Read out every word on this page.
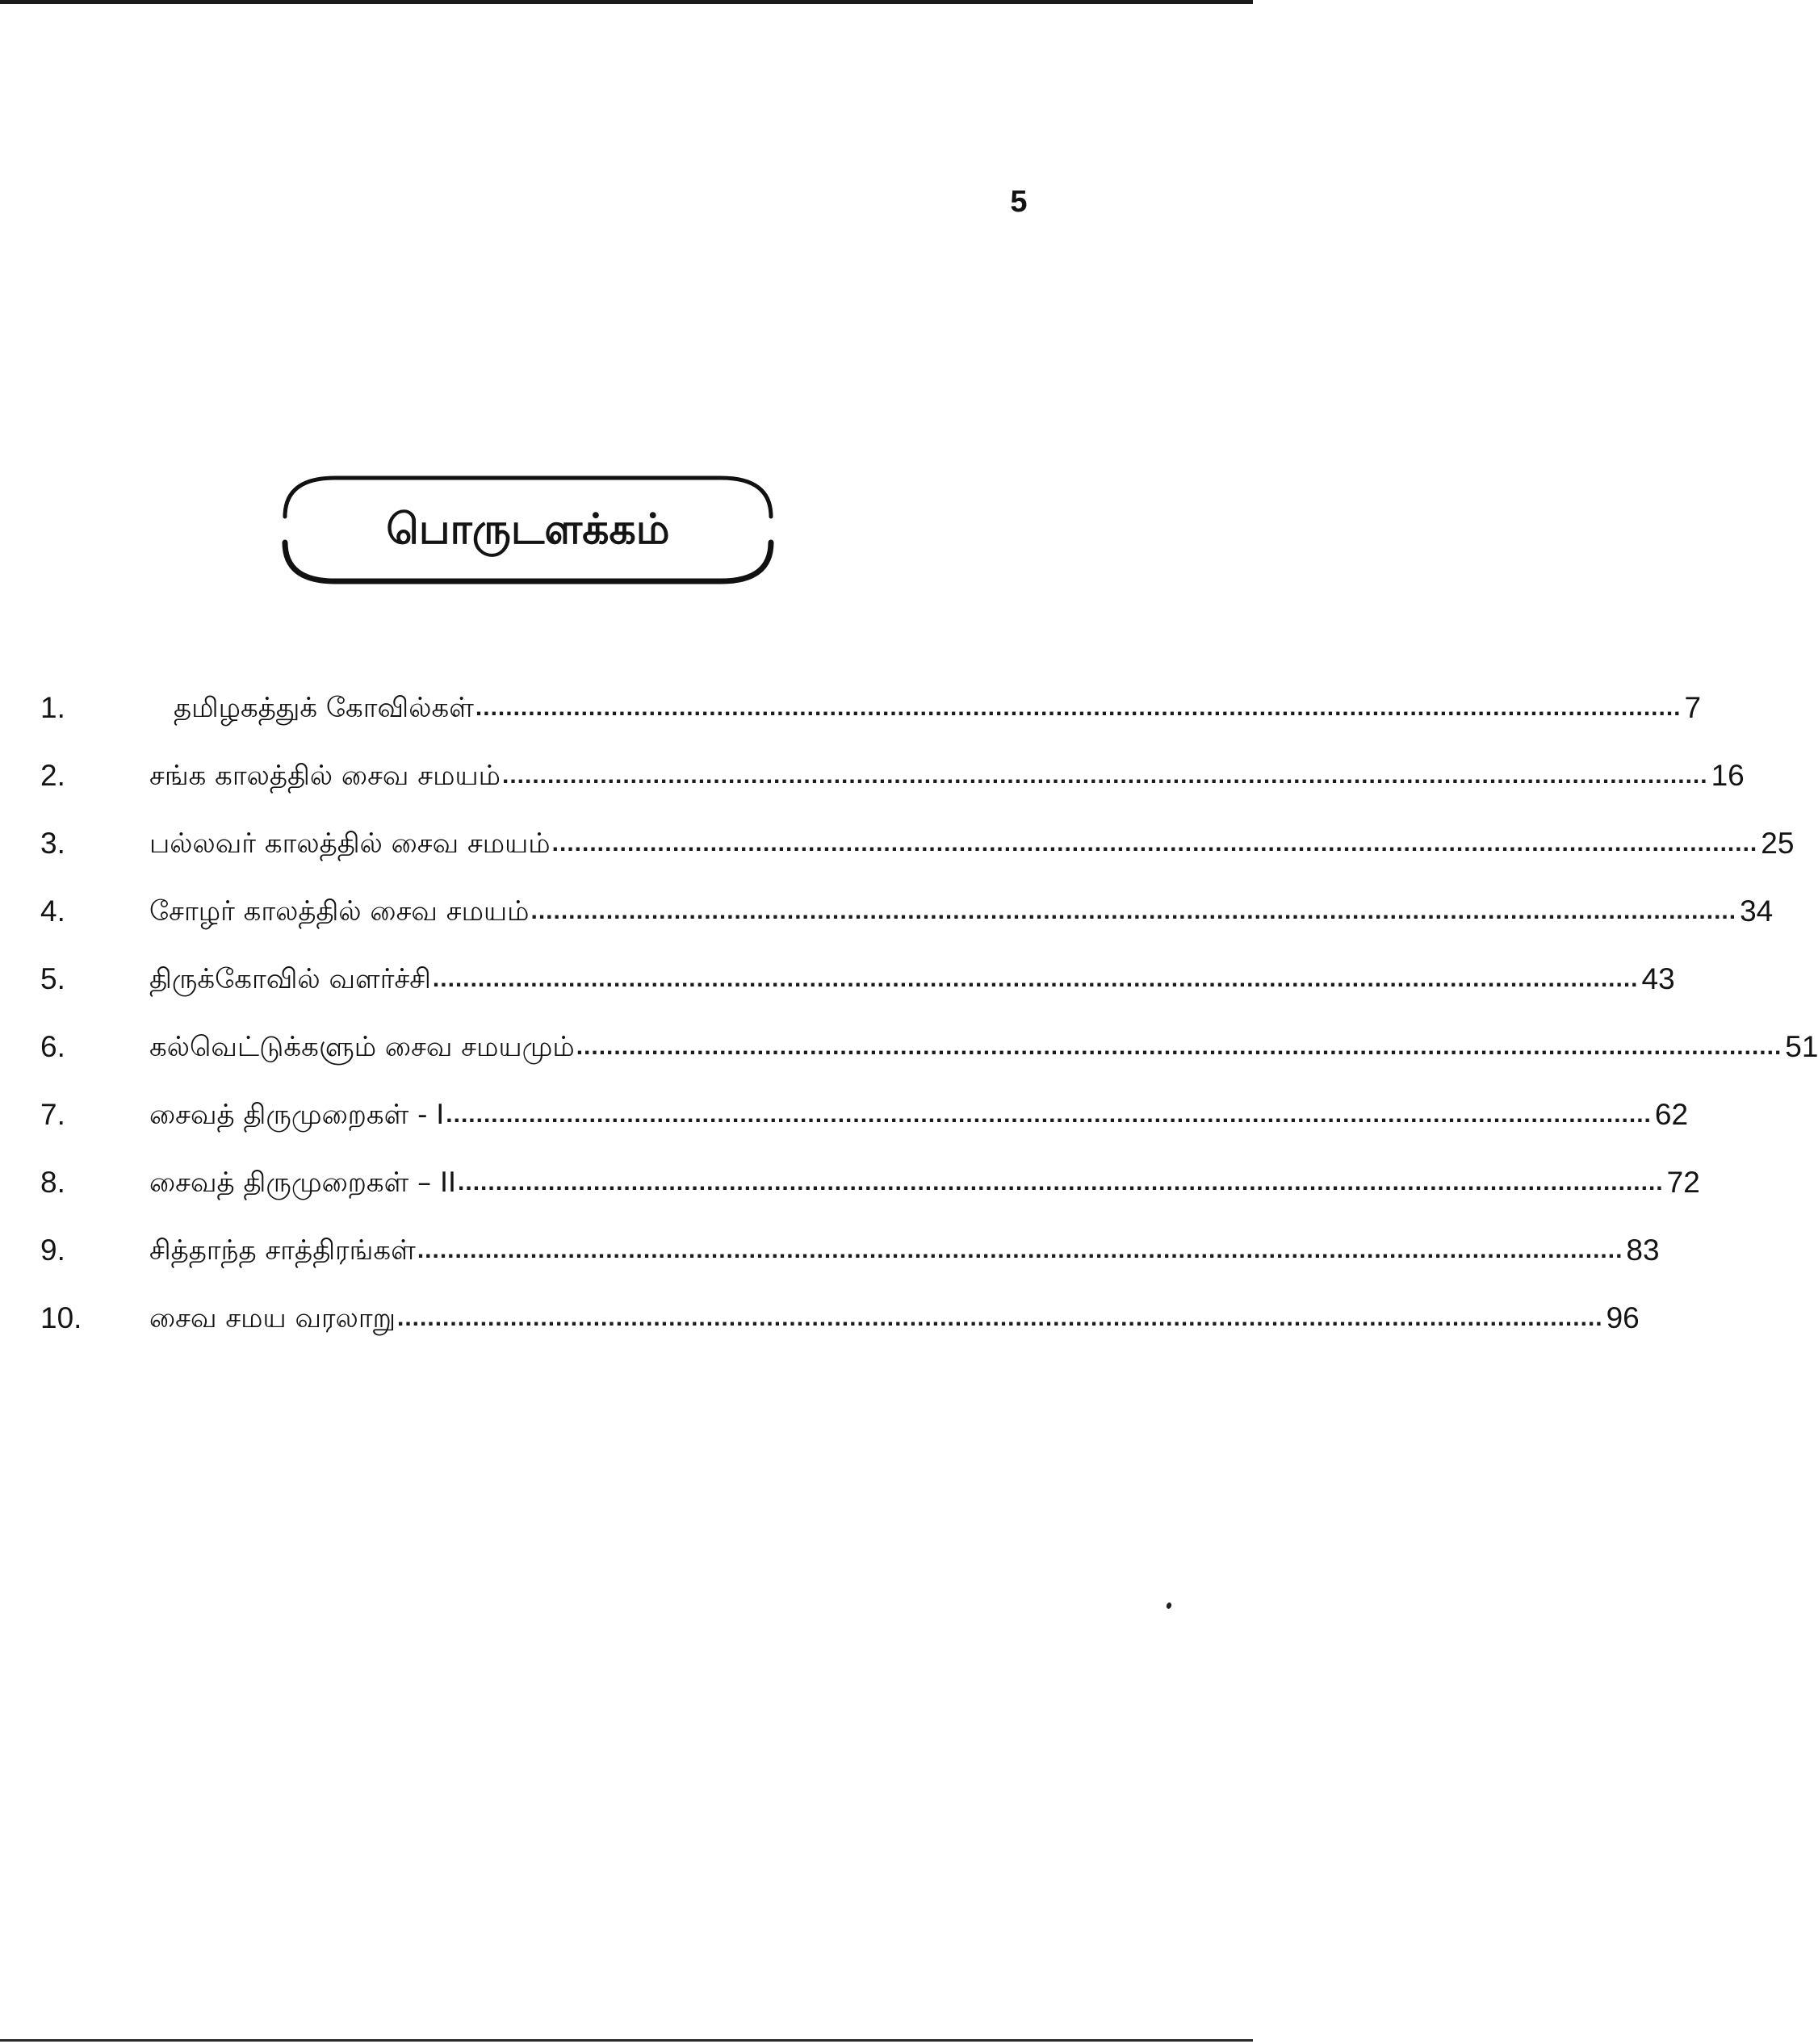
5
பொருடளக்கம்
1.	தமிழகத்துக் கோவில்கள் ................................................................................................................................................................ 7
2.	சங்க காலத்தில் சைவ சமயம் ................................................................................................................................................................ 16
3.	பல்லவர் காலத்தில் சைவ சமயம் ................................................................................................................................................................ 25
4.	சோழர் காலத்தில் சைவ சமயம் ................................................................................................................................................................ 34
5.	திருக்கோவில் வளர்ச்சி ................................................................................................................................................................ 43
6.	கல்வெட்டுக்களும் சைவ சமயமும் ................................................................................................................................................................ 51
7.	சைவத் திருமுறைகள் - I ................................................................................................................................................................ 62
8.	சைவத் திருமுறைகள் – II ................................................................................................................................................................ 72
9.	சித்தாந்த சாத்திரங்கள் ................................................................................................................................................................ 83
10.	சைவ சமய வரலாறு ................................................................................................................................................................ 96
